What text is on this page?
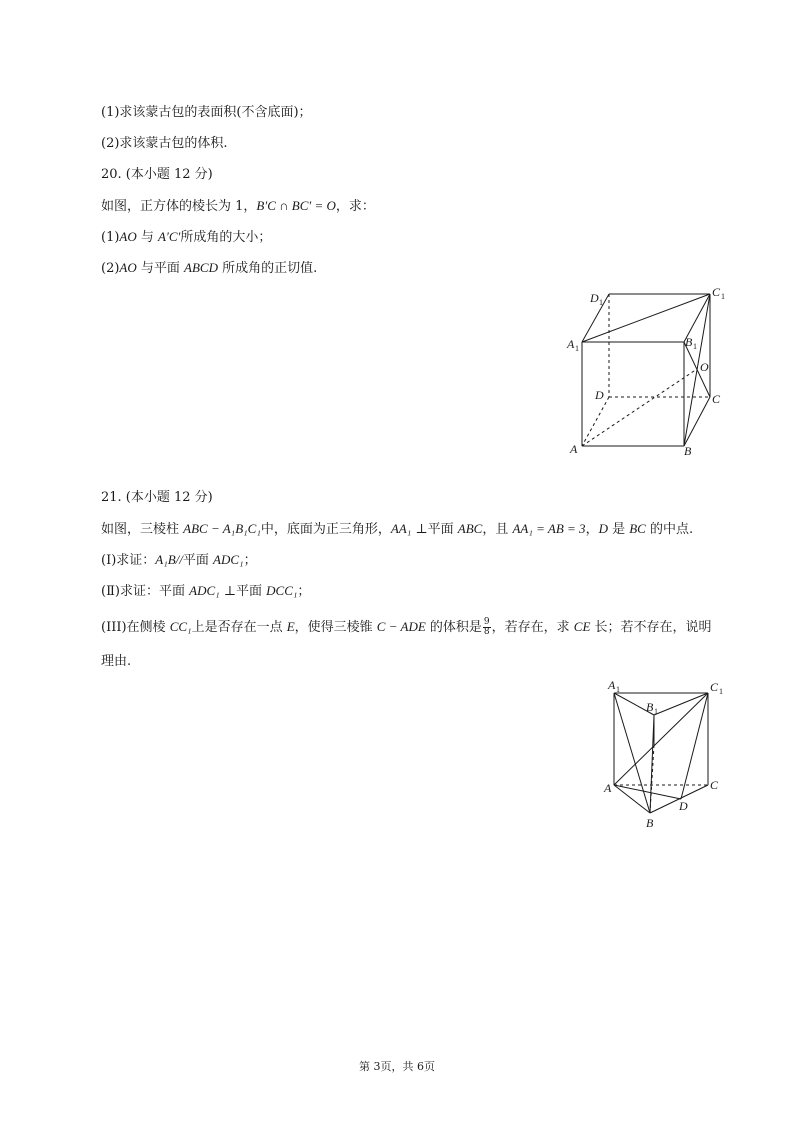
(1)求该蒙古包的表面积(不含底面)；
(2)求该蒙古包的体积.
20. (本小题 12 分)
如图，正方体的棱长为 1，B′C ∩ BC′ = O，求：
(1)AO 与 A′C′所成角的大小；
(2)AO 与平面 ABCD 所成角的正切值.
D 1
C 1
A 1	B 1
O
D	C
A	B
21. (本小题 12 分)
如图，三棱柱 ABC − A₁B₁C₁中，底面为正三角形，AA₁ ⊥平面 ABC，且 AA₁ = AB = 3，D 是 BC 的中点.
(Ⅰ)求证：A₁B//平面 ADC₁；
(Ⅱ)求证：平面 ADC₁ ⊥平面 DCC₁；
(III)在侧棱 CC₁上是否存在一点 E，使得三棱锥 C − ADE 的体积是 $\frac{9}{8}$ ，若存在，求 CE 长；若不存在，说明
理由.
A 1
B 1
C 1
A	C
D
B
第 3页，共 6页
